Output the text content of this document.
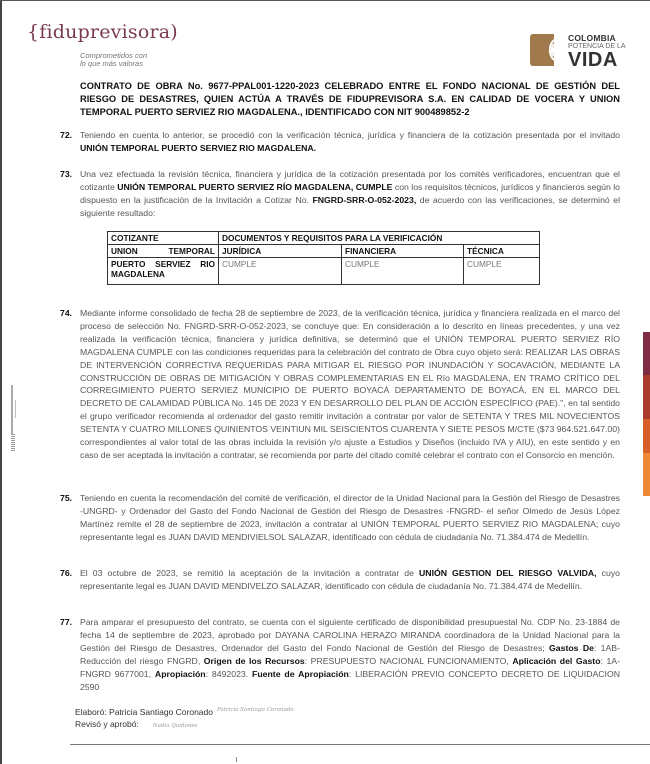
{fiduprevisora)
Comprometidos con
lo que más valoras
COLOMBIA
POTENCIA DE LA
VIDA
CONTRATO DE OBRA No. 9677-PPAL001-1220-2023 CELEBRADO ENTRE EL FONDO NACIONAL DE GESTIÓN DEL RIESGO DE DESASTRES, QUIEN ACTÚA A TRAVÉS DE FIDUPREVISORA S.A. EN CALIDAD DE VOCERA Y UNION TEMPORAL PUERTO SERVIEZ RIO MAGDALENA., IDENTIFICADO CON NIT 900489852-2
72. Teniendo en cuenta lo anterior, se procedió con la verificación técnica, jurídica y financiera de la cotización presentada por el invitado UNIÓN TEMPORAL PUERTO SERVIEZ RIO MAGDALENA.
73. Una vez efectuada la revisión técnica, financiera y jurídica de la cotización presentada por los comités verificadores, encuentran que el cotizante UNIÓN TEMPORAL PUERTO SERVIEZ RÍO MAGDALENA, CUMPLE con los requisitos técnicos, jurídicos y financieros según lo dispuesto en la justificación de la Invitación a Cotizar No. FNGRD-SRR-O-052-2023, de acuerdo con las verificaciones, se determinó el siguiente resultado:
COTIZANTE	DOCUMENTOS Y REQUISITOS PARA LA VERIFICACIÓN		
UNION TEMPORAL	JURÍDICA	FINANCIERA	TÉCNICA
PUERTO SERVIEZ RIO MAGDALENA	CUMPLE	CUMPLE	CUMPLE
74. Mediante informe consolidado de fecha 28 de septiembre de 2023, de la verificación técnica, jurídica y financiera realizada en el marco del proceso de selección No. FNGRD-SRR-O-052-2023, se concluye que: En consideración a lo descrito en líneas precedentes, y una vez realizada la verificación técnica, financiera y jurídica definitiva, se determinó que el UNIÓN TEMPORAL PUERTO SERVIEZ RÍO MAGDALENA CUMPLE con las condiciones requeridas para la celebración del contrato de Obra cuyo objeto será: REALIZAR LAS OBRAS DE INTERVENCIÓN CORRECTIVA REQUERIDAS PARA MITIGAR EL RIESGO POR INUNDACIÓN Y SOCAVACIÓN, MEDIANTE LA CONSTRUCCIÓN DE OBRAS DE MITIGACIÓN Y OBRAS COMPLEMENTARIAS EN EL Río MAGDALENA, EN TRAMO CRÍTICO DEL CORREGIMIENTO PUERTO SERVIEZ MUNICIPIO DE PUERTO BOYACÁ DEPARTAMENTO DE BOYACÁ, EN EL MARCO DEL DECRETO DE CALAMIDAD PÚBLICA No. 145 DE 2023 Y EN DESARROLLO DEL PLAN DE ACCIÓN ESPECÍFICO (PAE).", en tal sentido el grupo verificador recomienda al ordenador del gasto remitir invitación a contratar por valor de SETENTA Y TRES MIL NOVECIENTOS SETENTA Y CUATRO MILLONES QUINIENTOS VEINTIUN MIL SEISCIENTOS CUARENTA Y SIETE PESOS M/CTE ($73 964.521.647.00) correspondientes al valor total de las obras incluida la revisión y/o ajuste a Estudios y Diseños (incluido IVA y AIU), en este sentido y en caso de ser aceptada la invitación a contratar, se recomienda por parte del citado comité celebrar el contrato con el Consorcio en mención.
75. Teniendo en cuenta la recomendación del comité de verificación, el director de la Unidad Nacional para la Gestión del Riesgo de Desastres -UNGRD- y Ordenador del Gasto del Fondo Nacional de Gestión del Riesgo de Desastres -FNGRD- el señor Olmedo de Jesús López Martínez remite el 28 de septiembre de 2023, invitación a contratar al UNIÓN TEMPORAL PUERTO SERVIEZ RIO MAGDALENA; cuyo representante legal es JUAN DAVID MENDIVIELSOL SALAZAR, identificado con cédula de ciudadanía No. 71.384.474 de Medellín.
76. El 03 octubre de 2023, se remitió la aceptación de la invitación a contratar de UNIÓN GESTION DEL RIESGO VALVIDA, cuyo representante legal es JUAN DAVID MENDIVELZO SALAZAR, identificado con cédula de ciudadanía No. 71.384.474 de Medellín.
77. Para amparar el presupuesto del contrato, se cuenta con el siguiente certificado de disponibilidad presupuestal No. CDP No. 23-1884 de fecha 14 de septiembre de 2023, aprobado por DAYANA CAROLINA HERAZO MIRANDA coordinadora de la Unidad Nacional para la Gestión del Riesgo de Desastres, Ordenador del Gasto del Fondo Nacional de Gestión del Riesgo de Desastres; Gastos De: 1AB-Reducción del riesgo FNGRD, Origen de los Recursos: PRESUPUESTO NACIONAL FUNCIONAMIENTO, Aplicación del Gasto: 1A-FNGRD 9677001, Apropiación: 8492023. Fuente de Apropiación: LIBERACIÓN PREVIO CONCEPTO DECRETO DE LIQUIDACION 2590
Elaboró: Patricia Santiago Coronado $^{Patricia Santiago Coronado}$
Revisó y aprobó:	Nadia Quiñones
